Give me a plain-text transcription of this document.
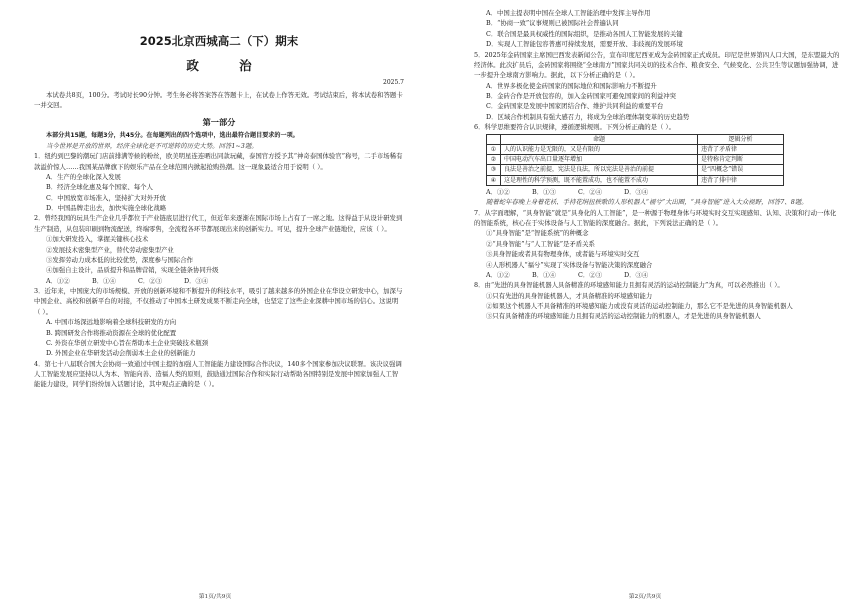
2025北京西城高二（下）期末
政 治
2025.7
本试卷共8页，100分。考试时长90分钟。考生务必将答案答在答题卡上，在试卷上作答无效。考试结束后，将本试卷和答题卡一并交回。
第一部分
本部分共15题，每题3分，共45分。在每题列出的四个选项中，选出最符合题目要求的一项。
当今世界是开放的世界，经济全球化是不可逆转的历史大势。回答1~3题。
1．纽约到巴黎的潮玩门店前排满等候的粉丝，欧美明星连连晒出同款玩藏，泰国官方授予其“神奇泰国体验官”称号，二手市场稀有款溢价惊人……我国某品牌旗下的娱乐产品在全球范围内掀起抢购热潮。这一现象最适合用于说明（ ）。
A．生产的全球化深入发展
B．经济全球化惠及每个国家、每个人
C．中国放宽市场准入，坚持扩大对外开放
D．中国品牌走出去，加快实施全球化战略
2．曾经我国的玩具生产企业几乎都位于产业链底层进行代工，但近年来逐渐在国际市场上占有了一席之地。这得益于从设计研发到生产制造，从包装印刷到物流配送，终端零售，全流程各环节都展现出来的创新实力。可见，提升全球产业链地位，应该（ ）。
①加大研发投入，掌握关键核心技术
②发展技术密集型产业，替代劳动密集型产业
③发挥劳动力成本低的比较优势，深度参与国际合作
④加强自主设计，品质提升和品牌营销，实现全链条协同升级
A．①②	B．①④	C．②③	D．③④
3．近年来，中国庞大的市场规模、开放的创新环境和不断提升的科技水平，吸引了越来越多的外国企业在华设立研发中心，加深与中国企业、高校和创新平台的对接，不仅推动了中国本土研发成果不断走向全球，也坚定了这些企业深耕中国市场的信心。这说明（ ）。
A. 中国市场深远地影响着全球科技研发的方向
B. 跨国研发合作将推动资源在全球的优化配置
C. 外资在华创立研发中心旨在帮助本土企业突破技术瓶颈
D. 外国企业在华研发活动会削弱本土企业的创新能力
4．第七十八届联合国大会协商一致通过中国主提的加强人工智能能力建设国际合作决议，140多个国家参加决议联署。该决议强调人工智能发展应坚持以人为本、智能向善、造福人类的原则，鼓励通过国际合作和实际行动帮助各国特别是发展中国家加强人工智能能力建设，同学们纷纷加入话题讨论，其中观点正确的是（ ）。
第1页/共9页
A．中国主提表明中国在全球人工智能治理中发挥主导作用
B．“协商一致”议事规则已被国际社会普遍认同
C．联合国是最具权威性的国际组织，是推动各国人工智能发展的关键
D．实现人工智能包容普惠可持续发展，需要开放、非歧视的发展环境
5．2025年金砖国家主席国巴西发表新闻公告，宣布印度尼西亚成为金砖国家正式成员。印尼是世界第四人口大国，是东盟最大的经济体。此次扩员后，金砖国家将围绕“全球南方”国家共同关切的技术合作、粮食安全、气候变化、公共卫生等议题加强协调，进一步提升全球南方影响力。据此，以下分析正确的是（ ）。
A．世界多极化使金砖国家的国际地位和国际影响力不断提升
B．金砖合作是开放包容的，加入金砖国家可避免国家间的利益冲突
C．金砖国家是发展中国家团结合作、维护共同利益的重要平台
D．区域合作机制具有强大感召力，将成为全球治理体制变革的历史趋势
6．科学思维要符合认识规律，遵循逻辑规则。下列分析正确的是（ ）。
	命题	逻辑分析
①	人的认识能力是无限的，又是有限的	违背了矛盾律
②	中国电动汽车出口量逐年增加	是特称肯定判断
③	良法是善治之前提，宪法是良法，所以宪法是善治的前提	是“四概念”错误
④	这是理性的科学预测，既不能置成功，也不能置不成功	违背了排中律
A．①②	B．①③	C．②④	D．③④
随着蛇年春晚上身着花袄、手持花绢扭秧歌的人形机器人“福兮”大出圈，“具身智能”进入大众视野，回答7、8题。
7．从字面理解，“具身智能”就是“具身化的人工智能”，是一种源于物理身体与环境实时交互实现感知、认知、决策和行动一体化的智能系统，核心在于实体设备与人工智能的深度融合。据此，下列说法正确的是（ ）。
①“具身智能”是“智能系统”的种概念
②“具身智能”与“人工智能”是矛盾关系
③具身智能或者具有物理身体，或者能与环境实时交互
④人形机器人“福兮”实现了实体设备与智能决策的深度融合
A．①②	B．①④	C．②③	D．③④
8．由“先进的具身智能机器人具备精准的环境感知能力且拥有灵活的运动控制能力”为真，可以必然推出（ ）。
①只有先进的具身智能机器人，才具备精准的环境感知能力
②如果这个机器人不具备精准的环境感知能力或没有灵活的运动控制能力，那么它不是先进的具身智能机器人
③只有具备精准的环境感知能力且拥有灵活的运动控制能力的机器人，才是先进的具身智能机器人
第2页/共9页
